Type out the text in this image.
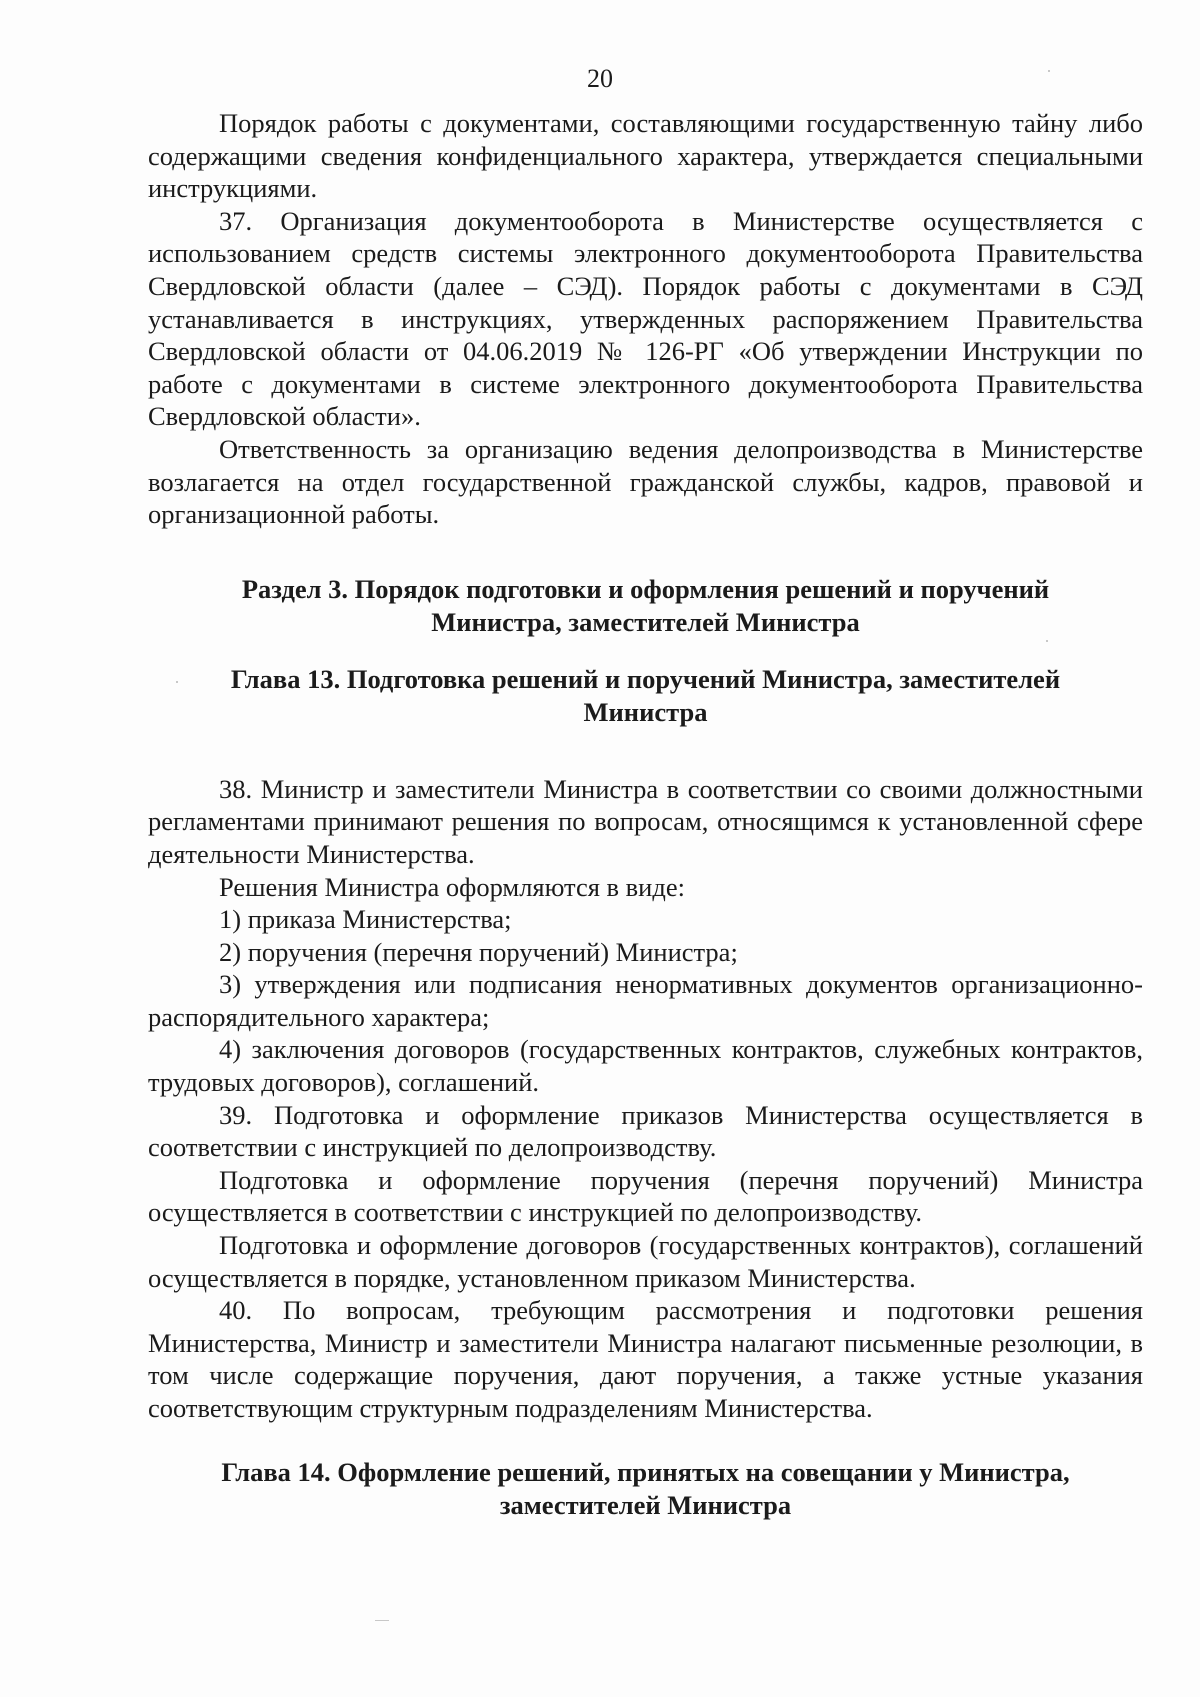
20

Порядок работы с документами, составляющими государственную тайну либо содержащими сведения конфиденциального характера, утверждается специальными инструкциями.

37. Организация документооборота в Министерстве осуществляется с использованием средств системы электронного документооборота Правительства Свердловской области (далее – СЭД). Порядок работы с документами в СЭД устанавливается в инструкциях, утвержденных распоряжением Правительства Свердловской области от 04.06.2019 № 126-РГ «Об утверждении Инструкции по работе с документами в системе электронного документооборота Правительства Свердловской области».

Ответственность за организацию ведения делопроизводства в Министерстве возлагается на отдел государственной гражданской службы, кадров, правовой и организационной работы.

Раздел 3. Порядок подготовки и оформления решений и поручений
Министра, заместителей Министра
Глава 13. Подготовка решений и поручений Министра, заместителей
Министра

38. Министр и заместители Министра в соответствии со своими должностными регламентами принимают решения по вопросам, относящимся к установленной сфере деятельности Министерства.

Решения Министра оформляются в виде:

1) приказа Министерства;

2) поручения (перечня поручений) Министра;

3) утверждения или подписания ненормативных документов организационно-распорядительного характера;

4) заключения договоров (государственных контрактов, служебных контрактов, трудовых договоров), соглашений.

39. Подготовка и оформление приказов Министерства осуществляется в соответствии с инструкцией по делопроизводству.

Подготовка и оформление поручения (перечня поручений) Министра осуществляется в соответствии с инструкцией по делопроизводству.

Подготовка и оформление договоров (государственных контрактов), соглашений осуществляется в порядке, установленном приказом Министерства.

40. По вопросам, требующим рассмотрения и подготовки решения Министерства, Министр и заместители Министра налагают письменные резолюции, в том числе содержащие поручения, дают поручения, а также устные указания соответствующим структурным подразделениям Министерства.

Глава 14. Оформление решений, принятых на совещании у Министра,
заместителей Министра
